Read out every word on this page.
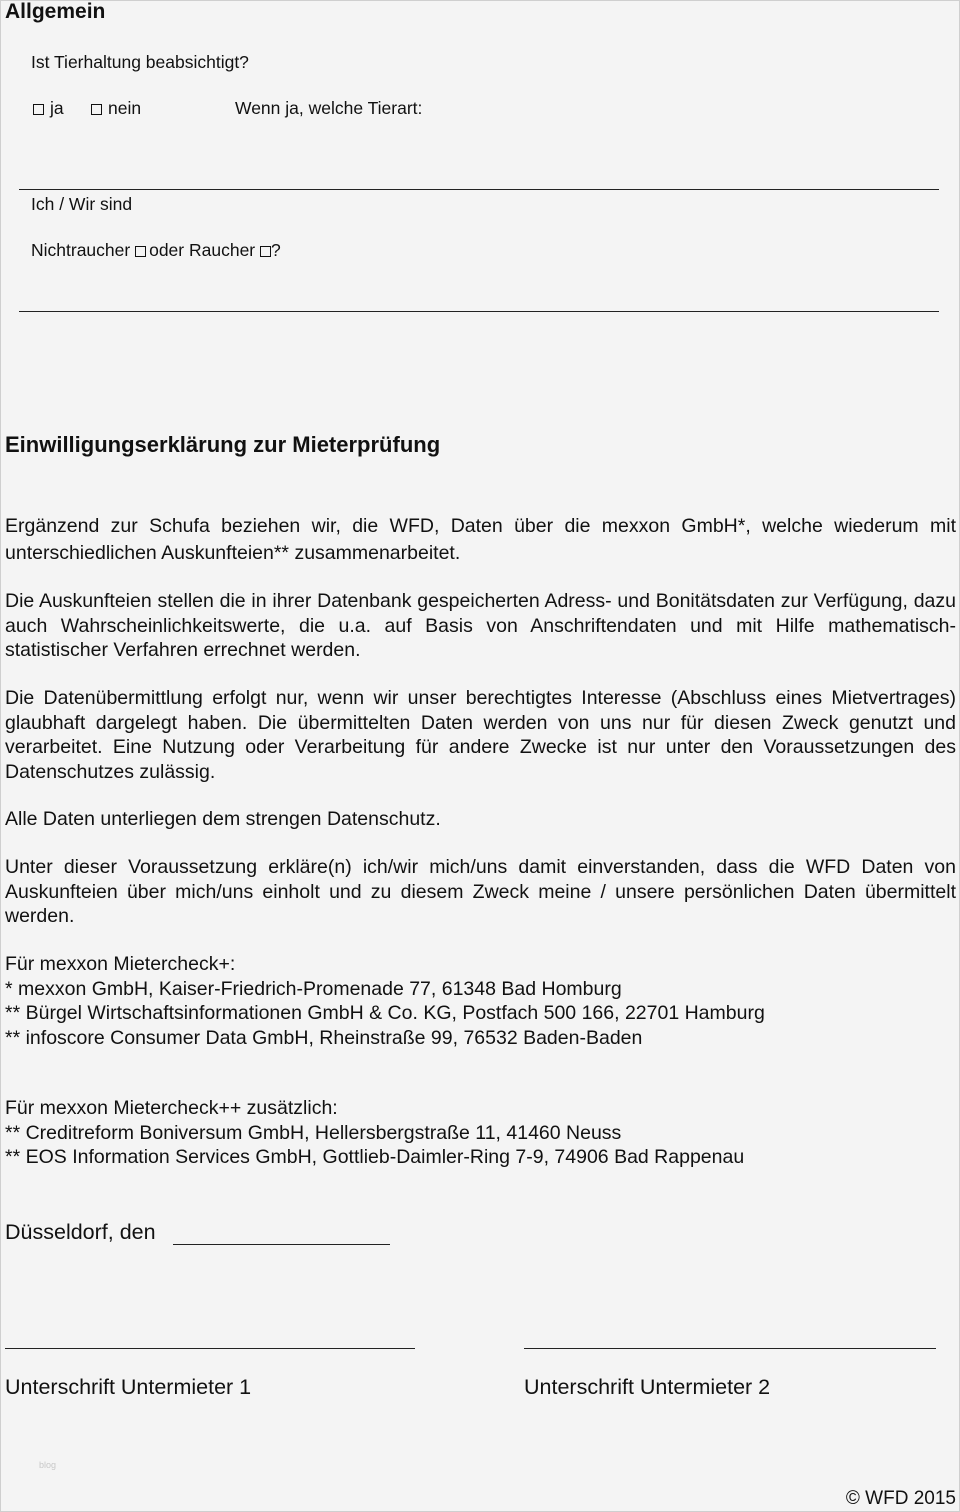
Allgemein
Ist Tierhaltung beabsichtigt?
ja	nein	Wenn ja, welche Tierart:
Ich / Wir sind
Nichtraucher oder Raucher ?
Einwilligungserklärung zur Mieterprüfung
Ergänzend zur Schufa beziehen wir, die WFD, Daten über die mexxon GmbH*, welche wiederum mit unterschiedlichen Auskunfteien** zusammenarbeitet.
Die Auskunfteien stellen die in ihrer Datenbank gespeicherten Adress- und Bonitätsdaten zur Verfügung, dazu auch Wahrscheinlichkeitswerte, die u.a. auf Basis von Anschriftendaten und mit Hilfe mathematisch-statistischer Verfahren errechnet werden.
Die Datenübermittlung erfolgt nur, wenn wir unser berechtigtes Interesse (Abschluss eines Mietvertrages) glaubhaft dargelegt haben. Die übermittelten Daten werden von uns nur für diesen Zweck genutzt und verarbeitet. Eine Nutzung oder Verarbeitung für andere Zwecke ist nur unter den Voraussetzungen des Datenschutzes zulässig.
Alle Daten unterliegen dem strengen Datenschutz.
Unter dieser Voraussetzung erkläre(n) ich/wir mich/uns damit einverstanden, dass die WFD Daten von Auskunfteien über mich/uns einholt und zu diesem Zweck meine / unsere persönlichen Daten übermittelt werden.
Für mexxon Mietercheck+:
* mexxon GmbH, Kaiser-Friedrich-Promenade 77, 61348 Bad Homburg
** Bürgel Wirtschaftsinformationen GmbH & Co. KG, Postfach 500 166, 22701 Hamburg
** infoscore Consumer Data GmbH, Rheinstraße 99, 76532 Baden-Baden
Für mexxon Mietercheck++ zusätzlich:
** Creditreform Boniversum GmbH, Hellersbergstraße 11, 41460 Neuss
** EOS Information Services GmbH, Gottlieb-Daimler-Ring 7-9, 74906 Bad Rappenau
Düsseldorf, den
Unterschrift Untermieter 1	Unterschrift Untermieter 2
blog
© WFD 2015
